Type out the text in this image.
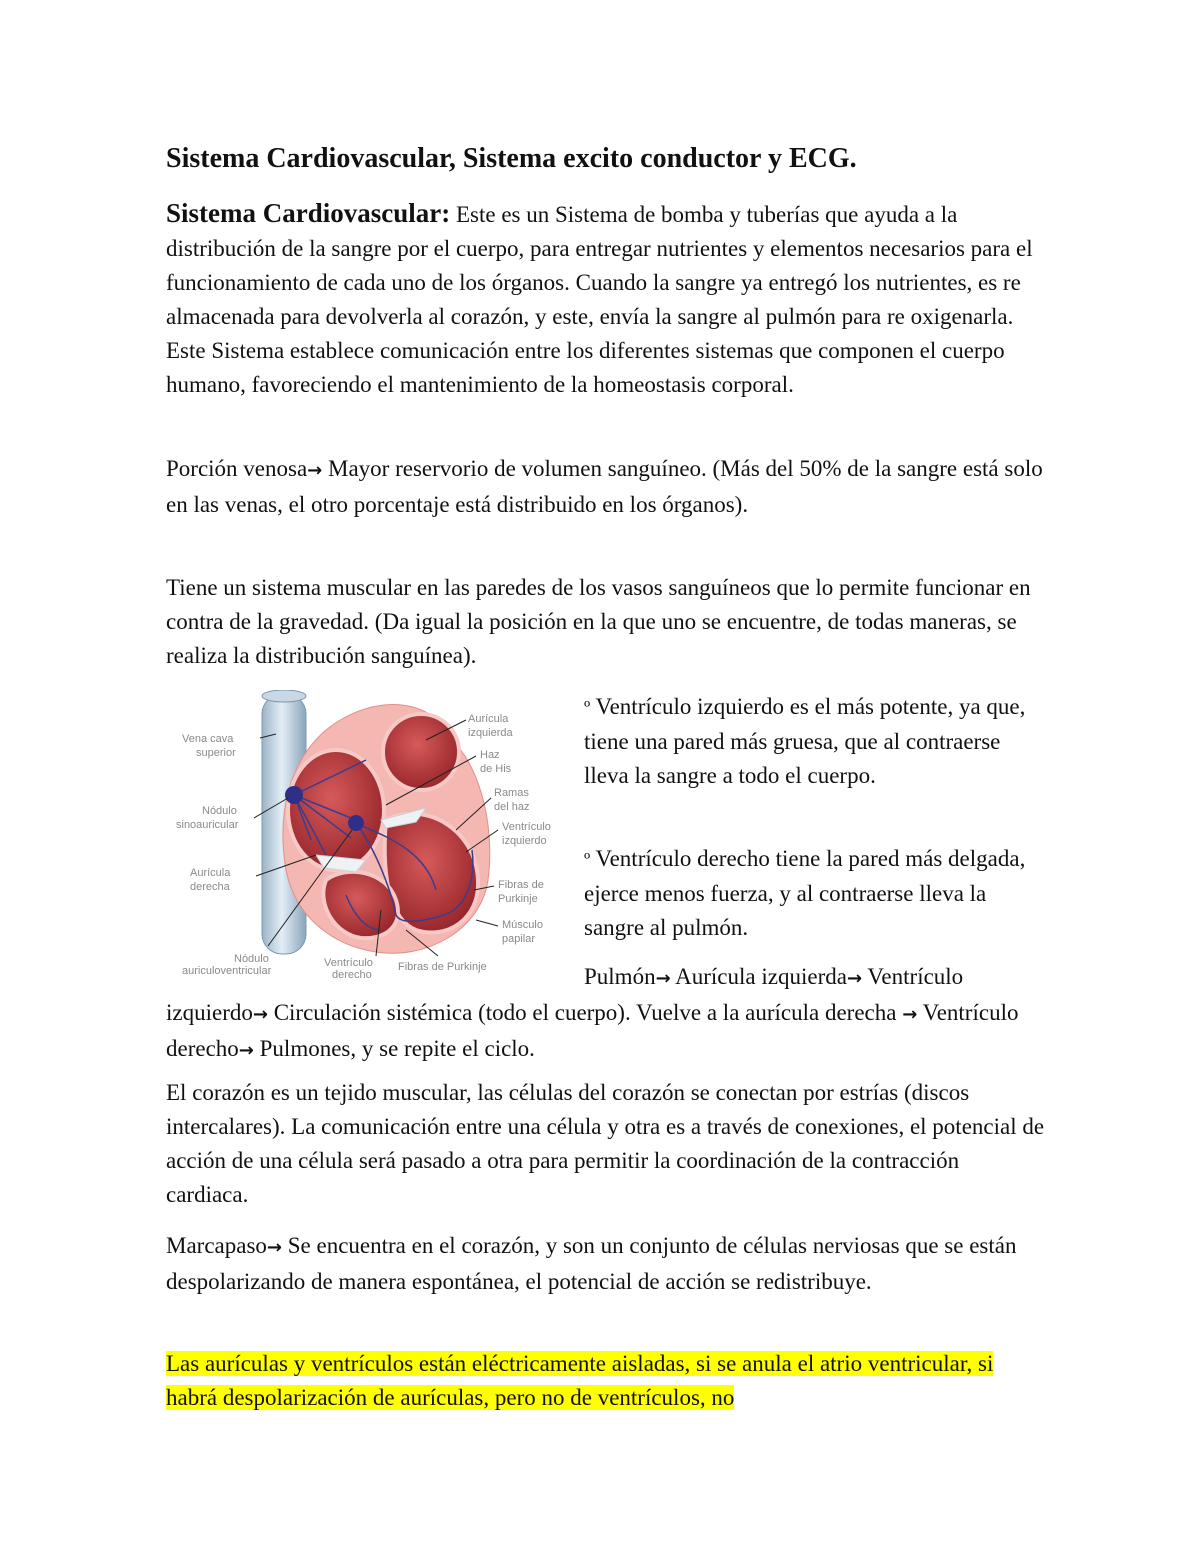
Sistema Cardiovascular, Sistema excito conductor y ECG.

Sistema Cardiovascular: Este es un Sistema de bomba y tuberías que ayuda a la distribución de la sangre por el cuerpo, para entregar nutrientes y elementos necesarios para el funcionamiento de cada uno de los órganos. Cuando la sangre ya entregó los nutrientes, es re almacenada para devolverla al corazón, y este, envía la sangre al pulmón para re oxigenarla. Este Sistema establece comunicación entre los diferentes sistemas que componen el cuerpo humano, favoreciendo el mantenimiento de la homeostasis corporal.

Porción venosa→ Mayor reservorio de volumen sanguíneo. (Más del 50% de la sangre está solo en las venas, el otro porcentaje está distribuido en los órganos).

Tiene un sistema muscular en las paredes de los vasos sanguíneos que lo permite funcionar en contra de la gravedad. (Da igual la posición en la que uno se encuentre, de todas maneras, se realiza la distribución sanguínea).

Vena cava
superior
Nódulo
sinoauricular
Aurícula
derecha
Nódulo
auriculoventricular
Aurícula
izquierda
Haz
de His
Ramas
del haz
Ventrículo
izquierdo
Fibras de
Purkinje
Músculo
papilar
Ventrículo
derecho
Fibras de Purkinje

º Ventrículo izquierdo es el más potente, ya que, tiene una pared más gruesa, que al contraerse lleva la sangre a todo el cuerpo.

º Ventrículo derecho tiene la pared más delgada, ejerce menos fuerza, y al contraerse lleva la sangre al pulmón.

Pulmón→ Aurícula izquierda→ Ventrículo izquierdo→ Circulación sistémica (todo el cuerpo). Vuelve a la aurícula derecha → Ventrículo derecho→ Pulmones, y se repite el ciclo.

El corazón es un tejido muscular, las células del corazón se conectan por estrías (discos intercalares). La comunicación entre una célula y otra es a través de conexiones, el potencial de acción de una célula será pasado a otra para permitir la coordinación de la contracción cardiaca.

Marcapaso→ Se encuentra en el corazón, y son un conjunto de células nerviosas que se están despolarizando de manera espontánea, el potencial de acción se redistribuye.

Las aurículas y ventrículos están eléctricamente aisladas, si se anula el atrio ventricular, si habrá despolarización de aurículas, pero no de ventrículos, no
